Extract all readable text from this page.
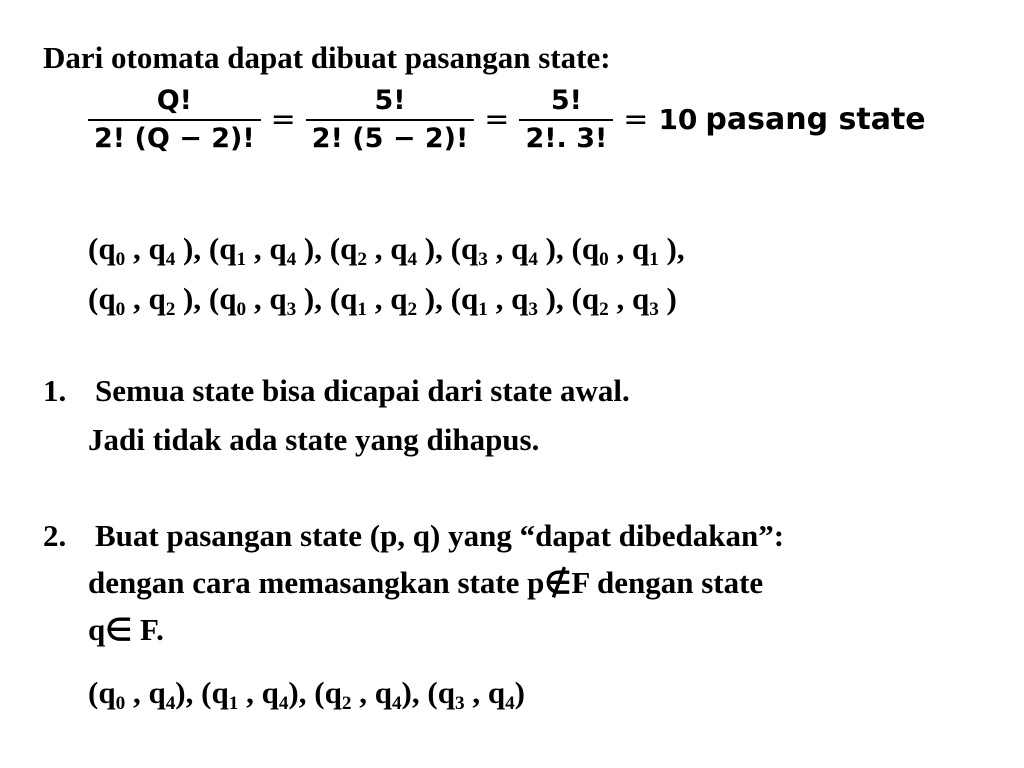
Dari otomata dapat dibuat pasangan state:
$\frac{Q!}{2! (Q - 2)!} = \frac{5!}{2! (5 - 2)!} = \frac{5!}{2!. 3!} = 10$ pasang state
($q_0$ , $q_4$ ), ($q_1$ , $q_4$ ), ($q_2$ , $q_4$ ), ($q_3$ , $q_4$ ), ($q_0$ , $q_1$ ),
($q_0$ , $q_2$ ), ($q_0$ , $q_3$ ), ($q_1$ , $q_2$ ), ($q_1$ , $q_3$ ), ($q_2$ , $q_3$ )
1. Semua state bisa dicapai dari state awal.
Jadi tidak ada state yang dihapus.
2. Buat pasangan state (p, q) yang “dapat dibedakan”:
dengan cara memasangkan state p∉F dengan state
q∈ F.
($q_0$ , $q_4$), ($q_1$ , $q_4$), ($q_2$ , $q_4$), ($q_3$ , $q_4$)
